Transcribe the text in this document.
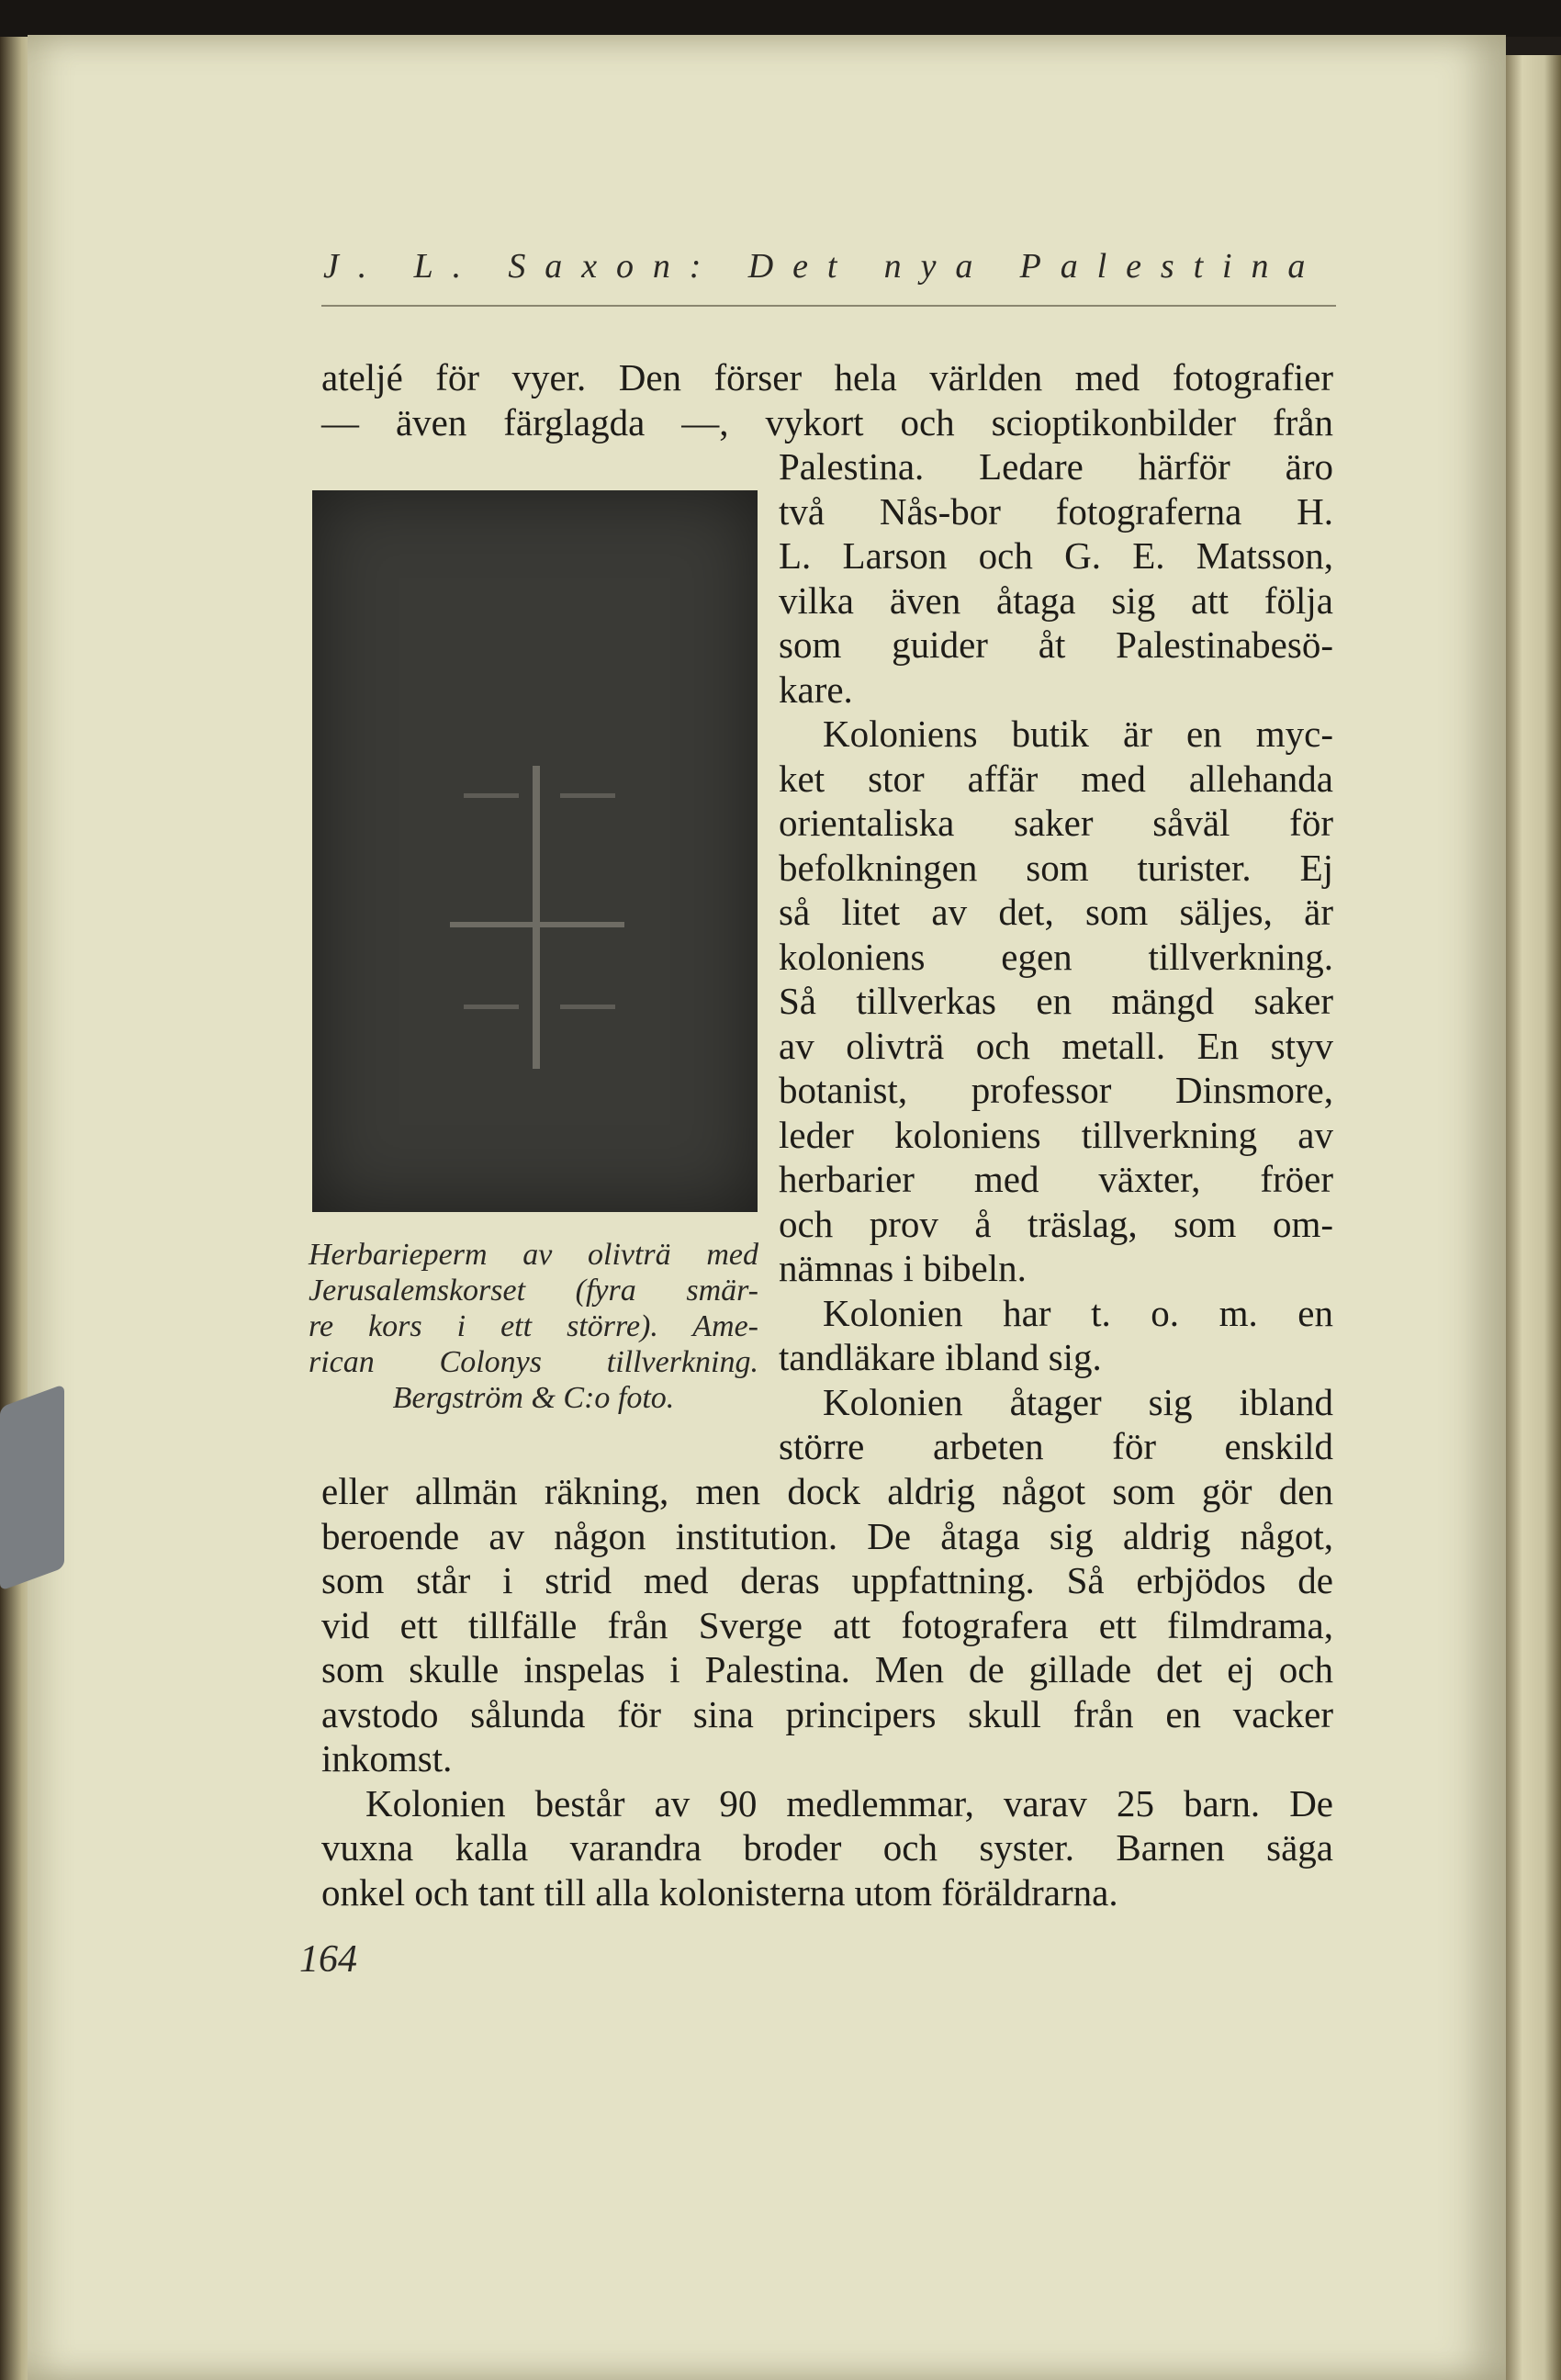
J. L. Saxon: Det nya Palestina
ateljé för vyer. Den förser hela världen med fotografier
— även färglagda —, vykort och scioptikonbilder från
Palestina. Ledare härför äro
två Nås-bor fotograferna H.
L. Larson och G. E. Matsson,
vilka även åtaga sig att följa
som guider åt Palestinabesö-
kare.
Koloniens butik är en myc-
ket stor affär med allehanda
orientaliska saker såväl för
befolkningen som turister. Ej
så litet av det, som säljes, är
koloniens egen tillverkning.
Så tillverkas en mängd saker
av olivträ och metall. En styv
botanist, professor Dinsmore,
leder koloniens tillverkning av
herbarier med växter, fröer
och prov å träslag, som om-
nämnas i bibeln.
Kolonien har t. o. m. en
tandläkare ibland sig.
Kolonien åtager sig ibland
större arbeten för enskild
Herbarieperm av olivträ med
Jerusalemskorset (fyra smär-
re kors i ett större). Ame-
rican Colonys tillverkning.
Bergström & C:o foto.
eller allmän räkning, men dock aldrig något som gör den
beroende av någon institution. De åtaga sig aldrig något,
som står i strid med deras uppfattning. Så erbjödos de
vid ett tillfälle från Sverge att fotografera ett filmdrama,
som skulle inspelas i Palestina. Men de gillade det ej och
avstodo sålunda för sina principers skull från en vacker
inkomst.
Kolonien består av 90 medlemmar, varav 25 barn. De
vuxna kalla varandra broder och syster. Barnen säga
onkel och tant till alla kolonisterna utom föräldrarna.
164
